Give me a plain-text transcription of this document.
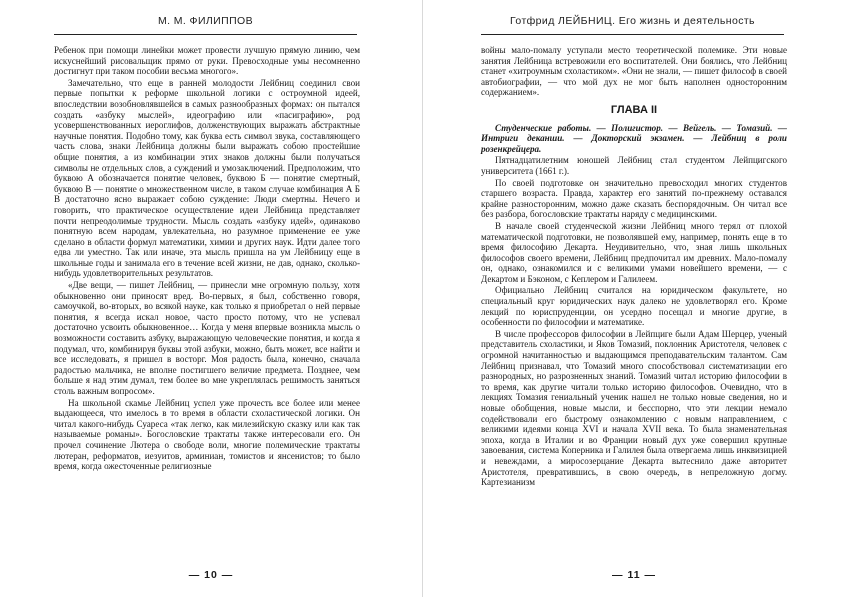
М. М. ФИЛИППОВ

Ребенок при помощи линейки может провести лучшую прямую линию, чем искуснейший рисовальщик прямо от руки. Превосходные умы несомненно достигнут при таком пособии весьма многого».

Замечательно, что еще в ранней молодости Лейбниц соединил свои первые попытки к реформе школьной логики с остроумной идеей, впоследствии возобновлявшейся в самых разнообразных формах: он пытался создать «азбуку мыслей», идеографию или «пасиграфию», род усовершенствованных иероглифов, долженствующих выражать абстрактные научные понятия. Подобно тому, как буква есть символ звука, составляющего часть слова, знаки Лейбница должны были выражать собою простейшие общие понятия, а из комбинации этих знаков должны были получаться символы не отдельных слов, а суждений и умозаключений. Предположим, что буквою А обозначается понятие человек, буквою Б — понятие смертный, буквою В — понятие о множественном числе, в таком случае комбинация А Б В достаточно ясно выражает собою суждение: Люди смертны. Нечего и говорить, что практическое осуществление идеи Лейбница представляет почти непреодолимые трудности. Мысль создать «азбуку идей», одинаково понятную всем народам, увлекательна, но разумное применение ее уже сделано в области формул математики, химии и других наук. Идти далее того едва ли уместно. Так или иначе, эта мысль пришла на ум Лейбницу еще в школьные годы и занимала его в течение всей жизни, не дав, однако, сколько-нибудь удовлетворительных результатов.

«Две вещи, — пишет Лейбниц, — принесли мне огромную пользу, хотя обыкновенно они приносят вред. Во-первых, я был, собственно говоря, самоучкой, во-вторых, во всякой науке, как только я приобретал о ней первые понятия, я всегда искал новое, часто просто потому, что не успевал достаточно усвоить обыкновенное… Когда у меня впервые возникла мысль о возможности составить азбуку, выражающую человеческие понятия, и когда я подумал, что, комбинируя буквы этой азбуки, можно, быть может, все найти и все исследовать, я пришел в восторг. Моя радость была, конечно, сначала радостью мальчика, не вполне постигшего величие предмета. Позднее, чем больше я над этим думал, тем более во мне укреплялась решимость заняться столь важным вопросом».

На школьной скамье Лейбниц успел уже прочесть все более или менее выдающееся, что имелось в то время в области схоластической логики. Он читал какого-нибудь Суареса «так легко, как милезийскую сказку или как так называемые романы». Богословские трактаты также интересовали его. Он прочел сочинение Лютера о свободе воли, многие полемические трактаты лютеран, реформатов, иезуитов, арминиан, томистов и янсенистов; то было время, когда ожесточенные религиозные

— 10 —
Готфрид ЛЕЙБНИЦ. Его жизнь и деятельность

войны мало-помалу уступали место теоретической полемике. Эти новые занятия Лейбница встревожили его воспитателей. Они боялись, что Лейбниц станет «хитроумным схоластиком». «Они не знали, — пишет философ в своей автобиографии, — что мой дух не мог быть наполнен односторонним содержанием».

ГЛАВА II

Студенческие работы. — Полигистор. — Вейгель. — Томазий. — Интриги деканши. — Докторский экзамен. — Лейбниц в роли розенкрейцера.

Пятнадцатилетним юношей Лейбниц стал студентом Лейпцигского университета (1661 г.).

По своей подготовке он значительно превосходил многих студентов старшего возраста. Правда, характер его занятий по-прежнему оставался крайне разносторонним, можно даже сказать беспорядочным. Он читал все без разбора, богословские трактаты наряду с медицинскими.

В начале своей студенческой жизни Лейбниц много терял от плохой математической подготовки, не позволявшей ему, например, понять еще в то время философию Декарта. Неудивительно, что, зная лишь школьных философов своего времени, Лейбниц предпочитал им древних. Мало-помалу он, однако, ознакомился и с великими умами новейшего времени, — с Декартом и Бэконом, с Кеплером и Галилеем.

Официально Лейбниц считался на юридическом факультете, но специальный круг юридических наук далеко не удовлетворял его. Кроме лекций по юриспруденции, он усердно посещал и многие другие, в особенности по философии и математике.

В числе профессоров философии в Лейпциге были Адам Шерцер, ученый представитель схоластики, и Яков Томазий, поклонник Аристотеля, человек с огромной начитанностью и выдающимся преподавательским талантом. Сам Лейбниц признавал, что Томазий много способствовал систематизации его разнородных, но разрозненных знаний. Томазий читал историю философии в то время, как другие читали только историю философов. Очевидно, что в лекциях Томазия гениальный ученик нашел не только новые сведения, но и новые обобщения, новые мысли, и бесспорно, что эти лекции немало содействовали его быстрому ознакомлению с новым направлением, с великими идеями конца XVI и начала XVII века. То была знаменательная эпоха, когда в Италии и во Франции новый дух уже совершил крупные завоевания, система Коперника и Галилея была отвергаема лишь инквизицией и невеждами, а миросозерцание Декарта вытеснило даже авторитет Аристотеля, превратившись, в свою очередь, в непреложную догму. Картезианизм

— 11 —
